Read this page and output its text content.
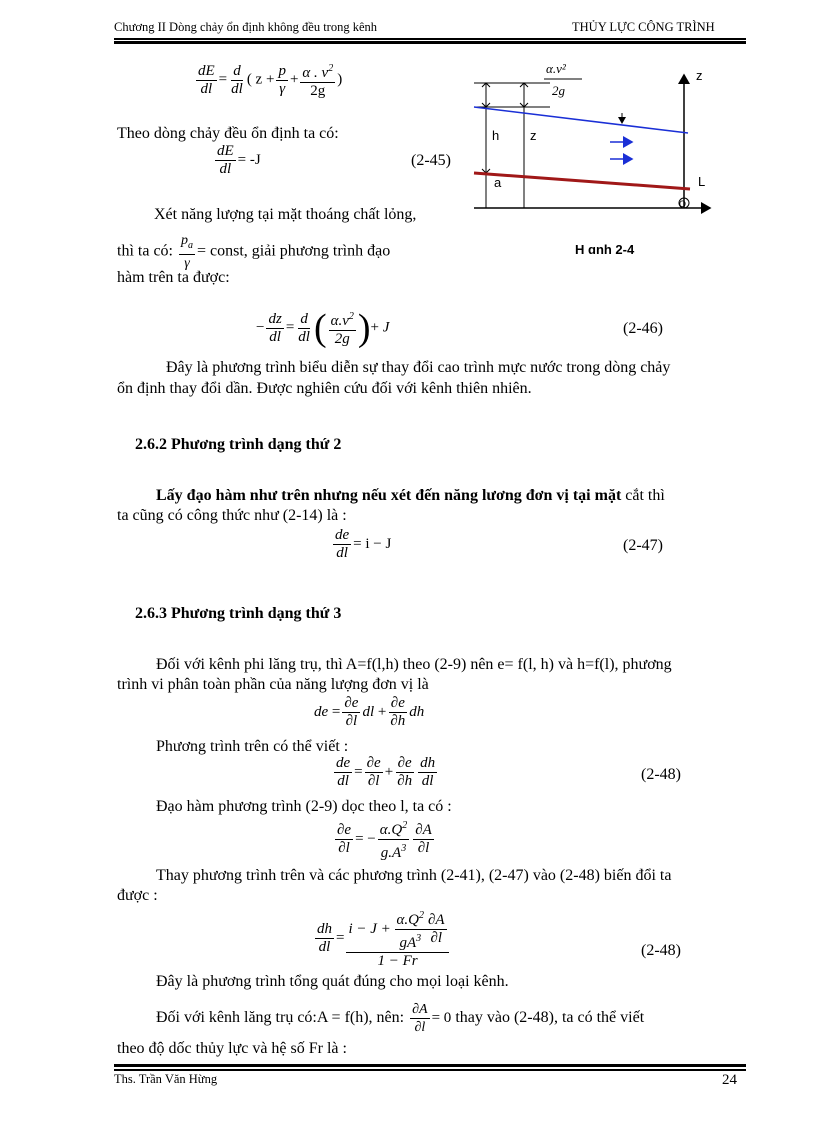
Chương II Dòng chảy ổn định không đều trong kênh	THỦY LỰC CÔNG TRÌNH
$\frac{dE}{dl} = \frac{d}{dl}$ ( $z + \frac{p}{\gamma} + \frac{\alpha . v^2}{2g}$ )
Theo dòng chảy đều ổn định ta có:
$\frac{dE}{dl} = -J$	(2-45)
Xét năng lượng tại mặt thoáng chất lỏng,
thì ta có: $\frac{p_a}{\gamma}$ = const, giải phương trình đạo
hàm trên ta được:
− $\frac{dz}{dl} = \frac{d}{dl}$ ( $\frac{\alpha.v^2}{2g}$ )+ J	(2-46)
Đây là phương trình biểu diễn sự thay đổi cao trình mực nước trong dòng chảy
ổn định thay đổi dần. Được nghiên cứu đối với kênh thiên nhiên.
2.6.2 Phương trình dạng thứ 2
Lấy đạo hàm như trên nhưng nếu xét đến năng lương đơn vị tại mặt cắt thì
ta cũng có công thức như (2-14) là :
$\frac{de}{dl} = i - J$	(2-47)
2.6.3 Phương trình dạng thứ 3
Đối với kênh phi lăng trụ, thì A=f(l,h) theo (2-9) nên e= f(l, h) và h=f(l), phương
trình vi phân toàn phần của năng lượng đơn vị là
de = $\frac{\partial e}{\partial l}$ dl + $\frac{\partial e}{\partial h}$ dh
Phương trình trên có thể viết :
$\frac{de}{dl} = \frac{\partial e}{\partial l} + \frac{\partial e}{\partial h} \frac{dh}{dl}$	(2-48)
Đạo hàm phương trình (2-9) dọc theo l, ta có :
$\frac{\partial e}{\partial l}$ = − $\frac{\alpha.Q^2}{g.A^3} \frac{\partial A}{\partial l}$
Thay phương trình trên và các phương trình (2-41), (2-47) vào (2-48) biến đổi ta
được :
$\frac{dh}{dl} = \frac{i - J + \frac{\alpha.Q^2}{gA^3} \frac{\partial A}{\partial l}}{1 - Fr}$	(2-48)
Đây là phương trình tổng quát đúng cho mọi loại kênh.
Đối với kênh lăng trụ có:A = f(h), nên: $\frac{\partial A}{\partial l} = 0$ thay vào (2-48), ta có thể viết
theo độ dốc thủy lực và hệ số Fr là :
α.v²
2g
h z
z
a	L
O
H ɑnh 2-4
Ths. Trần Văn Hừng	24
